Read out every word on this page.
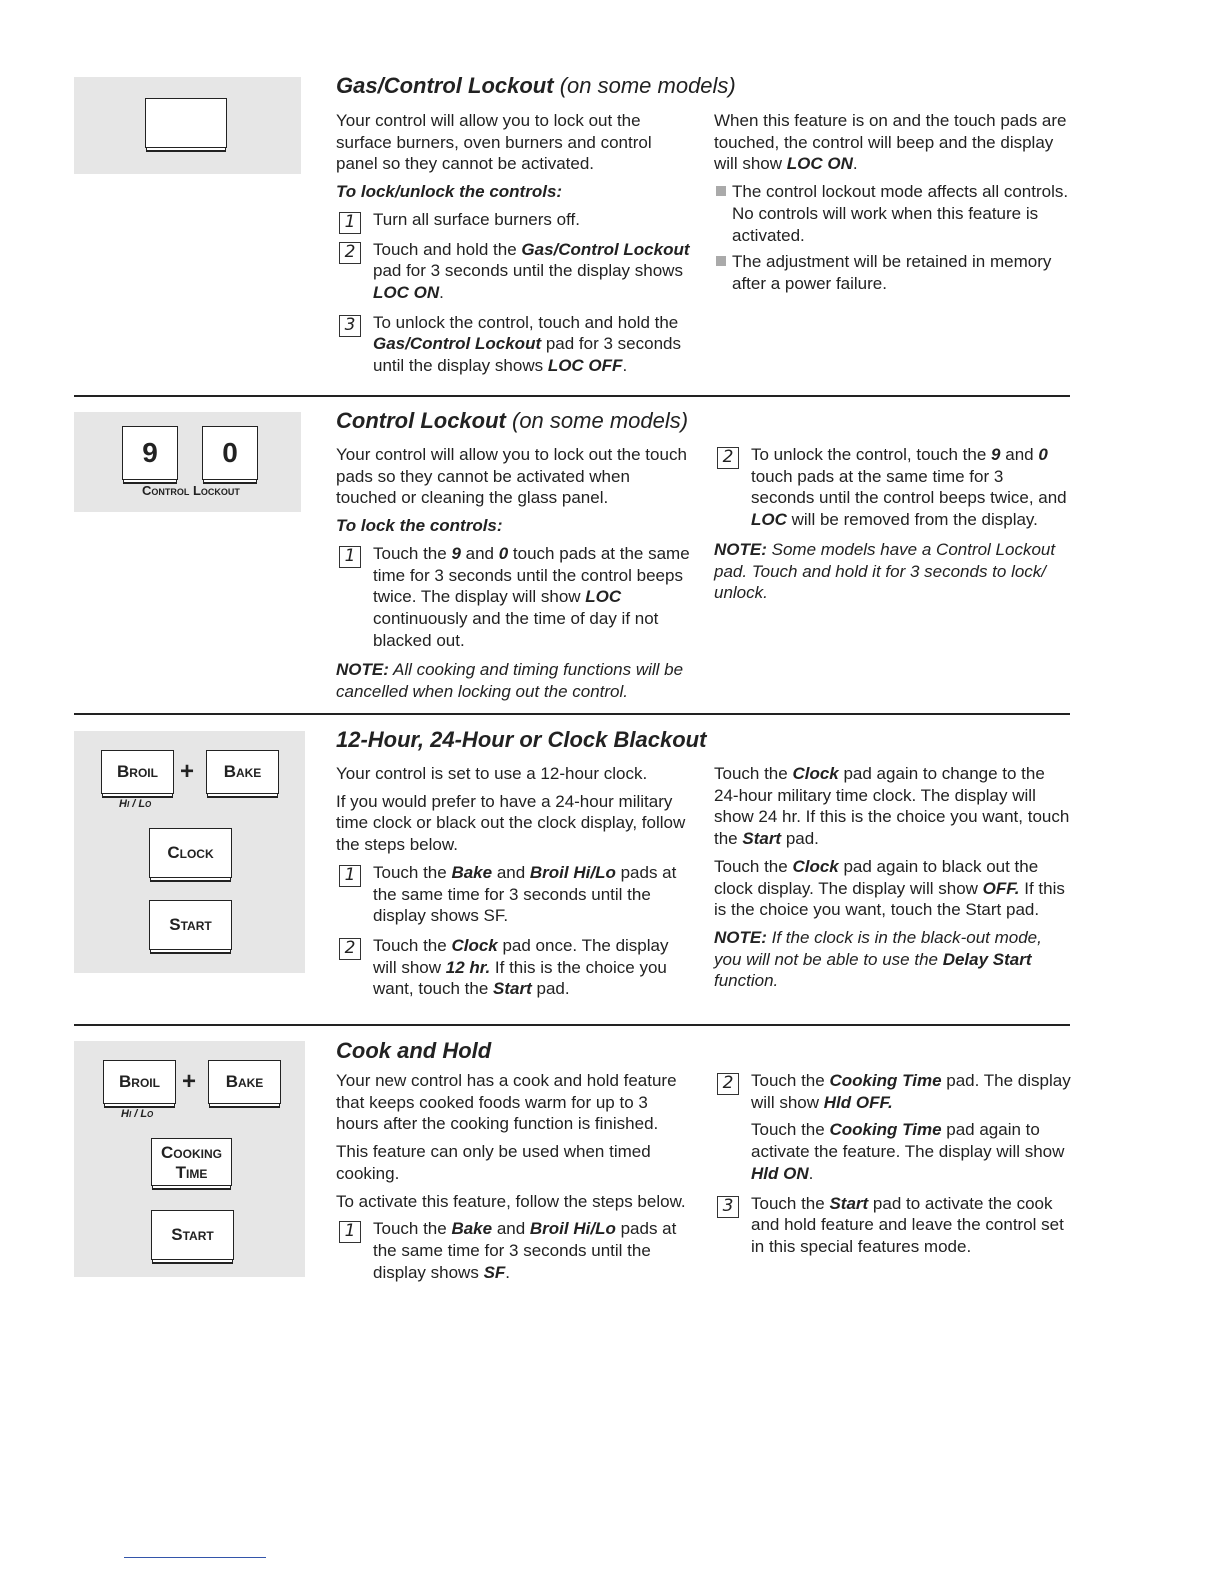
Gas/Control Lockout (on some models)

Your control will allow you to lock out the surface burners, oven burners and control panel so they cannot be activated.

To lock/unlock the controls:

1	Turn all surface burners off.
2	Touch and hold the Gas/Control Lockout pad for 3 seconds until the display shows LOC ON.
3	To unlock the control, touch and hold the Gas/Control Lockout pad for 3 seconds until the display shows LOC OFF.

When this feature is on and the touch pads are touched, the control will beep and the display will show LOC ON.

The control lockout mode affects all controls. No controls will work when this feature is activated.
The adjustment will be retained in memory after a power failure.
9	0
Control Lockout
Control Lockout (on some models)

Your control will allow you to lock out the touch pads so they cannot be activated when touched or cleaning the glass panel.

To lock the controls:

1	Touch the 9 and 0 touch pads at the same time for 3 seconds until the control beeps twice. The display will show LOC continuously and the time of day if not blacked out.

NOTE: All cooking and timing functions will be cancelled when locking out the control.

2	To unlock the control, touch the 9 and 0 touch pads at the same time for 3 seconds until the control beeps twice, and LOC will be removed from the display.

NOTE: Some models have a Control Lockout pad. Touch and hold it for 3 seconds to lock/ unlock.

Broil +	Bake
Hi / Lo
Clock
Start
12-Hour, 24-Hour or Clock Blackout

Your control is set to use a 12-hour clock.

If you would prefer to have a 24-hour military time clock or black out the clock display, follow the steps below.

1	Touch the Bake and Broil Hi/Lo pads at the same time for 3 seconds until the display shows SF.
2	Touch the Clock pad once. The display will show 12 hr. If this is the choice you want, touch the Start pad.

Touch the Clock pad again to change to the 24-hour military time clock. The display will show 24 hr. If this is the choice you want, touch the Start pad.

Touch the Clock pad again to black out the clock display. The display will show OFF. If this is the choice you want, touch the Start pad.

NOTE: If the clock is in the black-out mode, you will not be able to use the Delay Start function.

Broil +	Bake
Hi / Lo
Cooking
Time
Start
Cook and Hold

Your new control has a cook and hold feature that keeps cooked foods warm for up to 3 hours after the cooking function is finished.

This feature can only be used when timed cooking.

To activate this feature, follow the steps below.

1	Touch the Bake and Broil Hi/Lo pads at the same time for 3 seconds until the display shows SF.
2	Touch the Cooking Time pad. The display will show Hld OFF.
Touch the Cooking Time pad again to activate the feature. The display will show Hld ON.
3	Touch the Start pad to activate the cook and hold feature and leave the control set in this special features mode.
